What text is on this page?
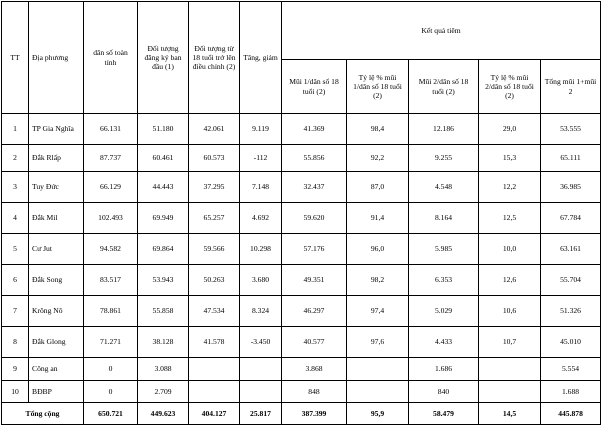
TT	Địa phương	dân số toàn tỉnh	Đối tượng đăng ký ban đầu (1)	Đối tượng từ 18 tuổi trở lên điều chỉnh (2)	Tăng, giảm	Kết quả tiêm				
						Mũi 1/dân số 18 tuổi (2)	Tỷ lệ % mũi 1/dân số 18 tuổi (2)	Mũi 2/dân số 18 tuổi (2)	Tỷ lệ % mũi 2/dân số 18 tuổi (2)	Tổng mũi 1+mũi 2
1	TP Gia Nghĩa	66.131	51.180	42.061	9.119	41.369	98,4	12.186	29,0	53.555
2	Đắk Rlấp	87.737	60.461	60.573	-112	55.856	92,2	9.255	15,3	65.111
3	Tuy Đức	66.129	44.443	37.295	7.148	32.437	87,0	4.548	12,2	36.985
4	Đắk Mil	102.493	69.949	65.257	4.692	59.620	91,4	8.164	12,5	67.784
5	Cư Jut	94.582	69.864	59.566	10.298	57.176	96,0	5.985	10,0	63.161
6	Đắk Song	83.517	53.943	50.263	3.680	49.351	98,2	6.353	12,6	55.704
7	Krông Nô	78.861	55.858	47.534	8.324	46.297	97,4	5.029	10,6	51.326
8	Đắk Glong	71.271	38.128	41.578	-3.450	40.577	97,6	4.433	10,7	45.010
9	Công an	0	3.088			3.868		1.686		5.554
10	BĐBP	0	2.709			848		840		1.688
Tổng cộng		650.721	449.623	404.127	25.817	387.399	95,9	58.479	14,5	445.878
